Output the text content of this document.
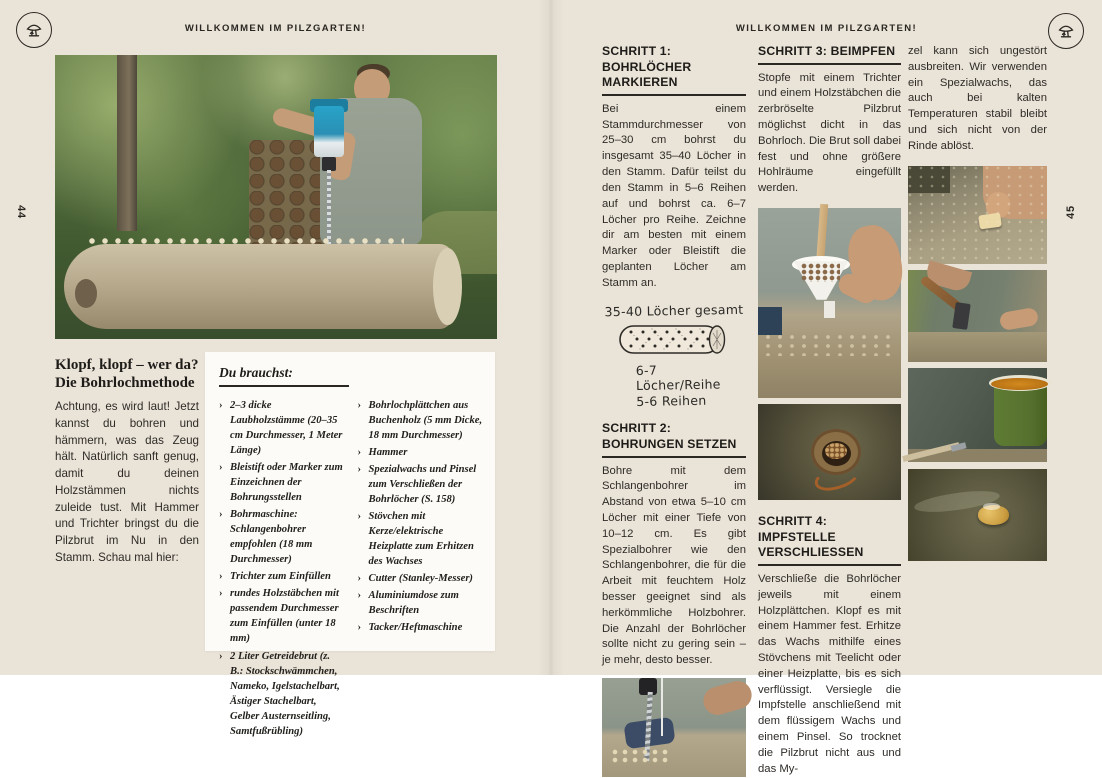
WILLKOMMEN IM PILZGARTEN!	WILLKOMMEN IM PILZGARTEN!
44	45
Klopf, klopf – wer da?
Die Bohrlochmethode
Achtung, es wird laut! Jetzt kannst du bohren und hämmern, was das Zeug hält. Natürlich sanft genug, damit du deinen Holzstämmen nichts zuleide tust. Mit Hammer und Trichter bringst du die Pilzbrut im Nu in den Stamm. Schau mal hier:
Du brauchst:
› 2–3 dicke Laubholzstämme (20–35 cm Durchmesser, 1 Meter Länge)
› Bleistift oder Marker zum Einzeichnen der Bohrungsstellen
› Bohrmaschine: Schlangenbohrer empfohlen (18 mm Durchmesser)
› Trichter zum Einfüllen
› rundes Holzstäbchen mit passendem Durchmesser zum Einfüllen (unter 18 mm)
› 2 Liter Getreidebrut (z. B.: Stockschwämmchen, Nameko, Igelstachelbart, Ästiger Stachelbart, Gelber Austernseitling, Samtfußrübling)
› Bohrlochplättchen aus Buchenholz (5 mm Dicke, 18 mm Durchmesser)
› Hammer
› Spezialwachs und Pinsel zum Verschließen der Bohrlöcher (S. 158)
› Stövchen mit Kerze/elektrische Heizplatte zum Erhitzen des Wachses
› Cutter (Stanley-Messer)
› Aluminiumdose zum Beschriften
› Tacker/Heftmaschine
SCHRITT 1:
BOHRLÖCHER MARKIEREN
Bei einem Stammdurchmesser von 25–30 cm bohrst du insgesamt 35–40 Löcher in den Stamm. Dafür teilst du den Stamm in 5–6 Reihen auf und bohrst ca. 6–7 Löcher pro Reihe. Zeichne dir am besten mit einem Marker oder Bleistift die geplanten Löcher am Stamm an.
35-40 Löcher gesamt
6-7 Löcher/Reihe
5-6 Reihen
SCHRITT 2:
BOHRUNGEN SETZEN
Bohre mit dem Schlangenbohrer im Abstand von etwa 5–10 cm Löcher mit einer Tiefe von 10–12 cm. Es gibt Spezialbohrer wie den Schlangenbohrer, die für die Arbeit mit feuchtem Holz besser geeignet sind als herkömmliche Holzbohrer. Die Anzahl der Bohrlöcher sollte nicht zu gering sein – je mehr, desto besser.
SCHRITT 3: BEIMPFEN
Stopfe mit einem Trichter und einem Holzstäbchen die zerbröselte Pilzbrut möglichst dicht in das Bohrloch. Die Brut soll dabei fest und ohne größere Hohlräume eingefüllt werden.
SCHRITT 4: IMPFSTELLE
VERSCHLIESSEN
Verschließe die Bohrlöcher jeweils mit einem Holzplättchen. Klopf es mit einem Hammer fest. Erhitze das Wachs mithilfe eines Stövchens mit Teelicht oder einer Heizplatte, bis es sich verflüssigt. Versiegle die Impfstelle anschließend mit dem flüssigem Wachs und einem Pinsel. So trocknet die Pilzbrut nicht aus und das My-
zel kann sich ungestört ausbreiten. Wir verwenden ein Spezialwachs, das auch bei kalten Temperaturen stabil bleibt und sich nicht von der Rinde ablöst.
